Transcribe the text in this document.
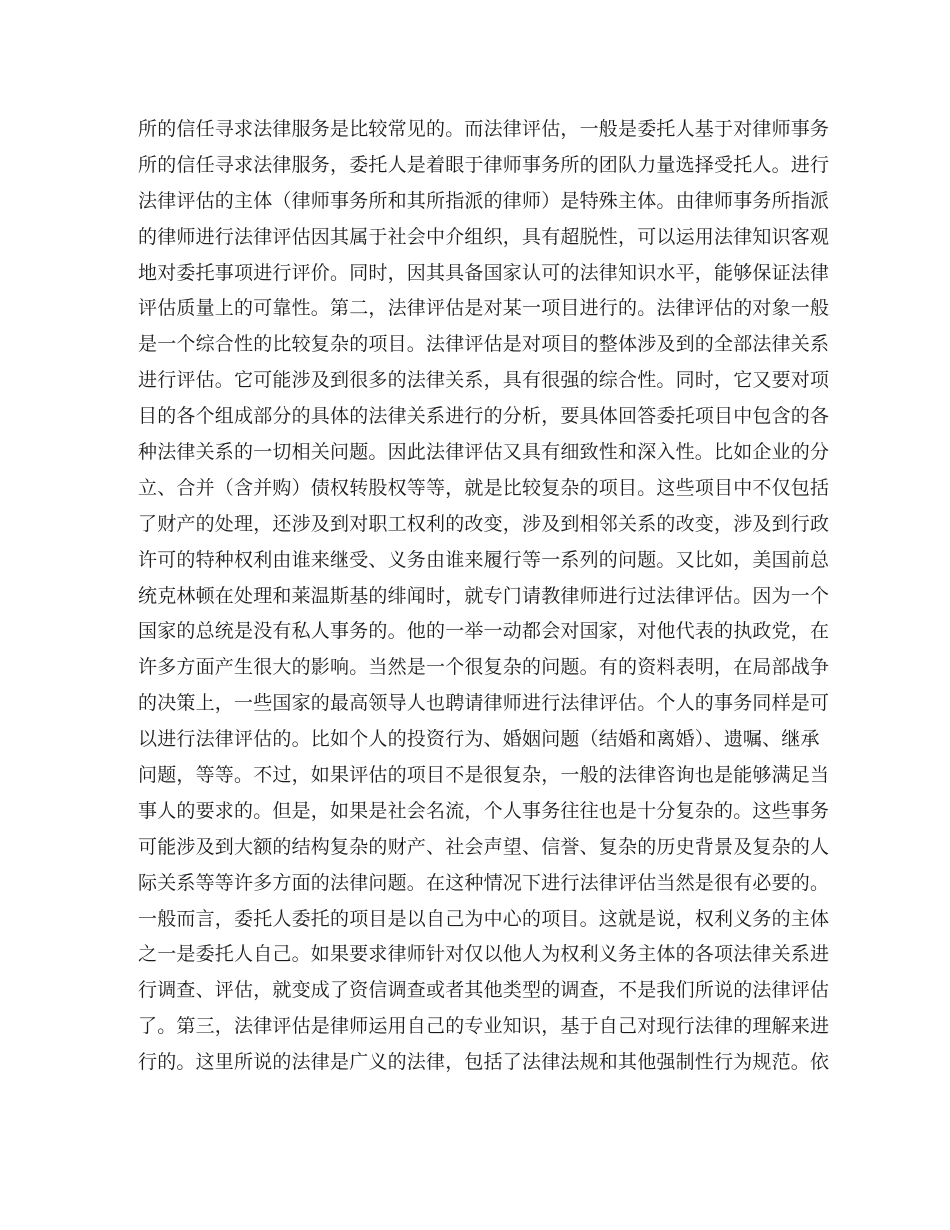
所的信任寻求法律服务是比较常见的。而法律评估，一般是委托人基于对律师事务
所的信任寻求法律服务，委托人是着眼于律师事务所的团队力量选择受托人。进行
法律评估的主体（律师事务所和其所指派的律师）是特殊主体。由律师事务所指派
的律师进行法律评估因其属于社会中介组织，具有超脱性，可以运用法律知识客观
地对委托事项进行评价。同时，因其具备国家认可的法律知识水平，能够保证法律
评估质量上的可靠性。第二，法律评估是对某一项目进行的。法律评估的对象一般
是一个综合性的比较复杂的项目。法律评估是对项目的整体涉及到的全部法律关系
进行评估。它可能涉及到很多的法律关系，具有很强的综合性。同时，它又要对项
目的各个组成部分的具体的法律关系进行的分析，要具体回答委托项目中包含的各
种法律关系的一切相关问题。因此法律评估又具有细致性和深入性。比如企业的分
立、合并（含并购）债权转股权等等，就是比较复杂的项目。这些项目中不仅包括
了财产的处理，还涉及到对职工权利的改变，涉及到相邻关系的改变，涉及到行政
许可的特种权利由谁来继受、义务由谁来履行等一系列的问题。又比如，美国前总
统克林顿在处理和莱温斯基的绯闻时，就专门请教律师进行过法律评估。因为一个
国家的总统是没有私人事务的。他的一举一动都会对国家，对他代表的执政党，在
许多方面产生很大的影响。当然是一个很复杂的问题。有的资料表明，在局部战争
的决策上，一些国家的最高领导人也聘请律师进行法律评估。个人的事务同样是可
以进行法律评估的。比如个人的投资行为、婚姻问题（结婚和离婚）、遗嘱、继承
问题，等等。不过，如果评估的项目不是很复杂，一般的法律咨询也是能够满足当
事人的要求的。但是，如果是社会名流，个人事务往往也是十分复杂的。这些事务
可能涉及到大额的结构复杂的财产、社会声望、信誉、复杂的历史背景及复杂的人
际关系等等许多方面的法律问题。在这种情况下进行法律评估当然是很有必要的。
一般而言，委托人委托的项目是以自己为中心的项目。这就是说，权利义务的主体
之一是委托人自己。如果要求律师针对仅以他人为权利义务主体的各项法律关系进
行调查、评估，就变成了资信调查或者其他类型的调查，不是我们所说的法律评估
了。第三，法律评估是律师运用自己的专业知识，基于自己对现行法律的理解来进
行的。这里所说的法律是广义的法律，包括了法律法规和其他强制性行为规范。依
